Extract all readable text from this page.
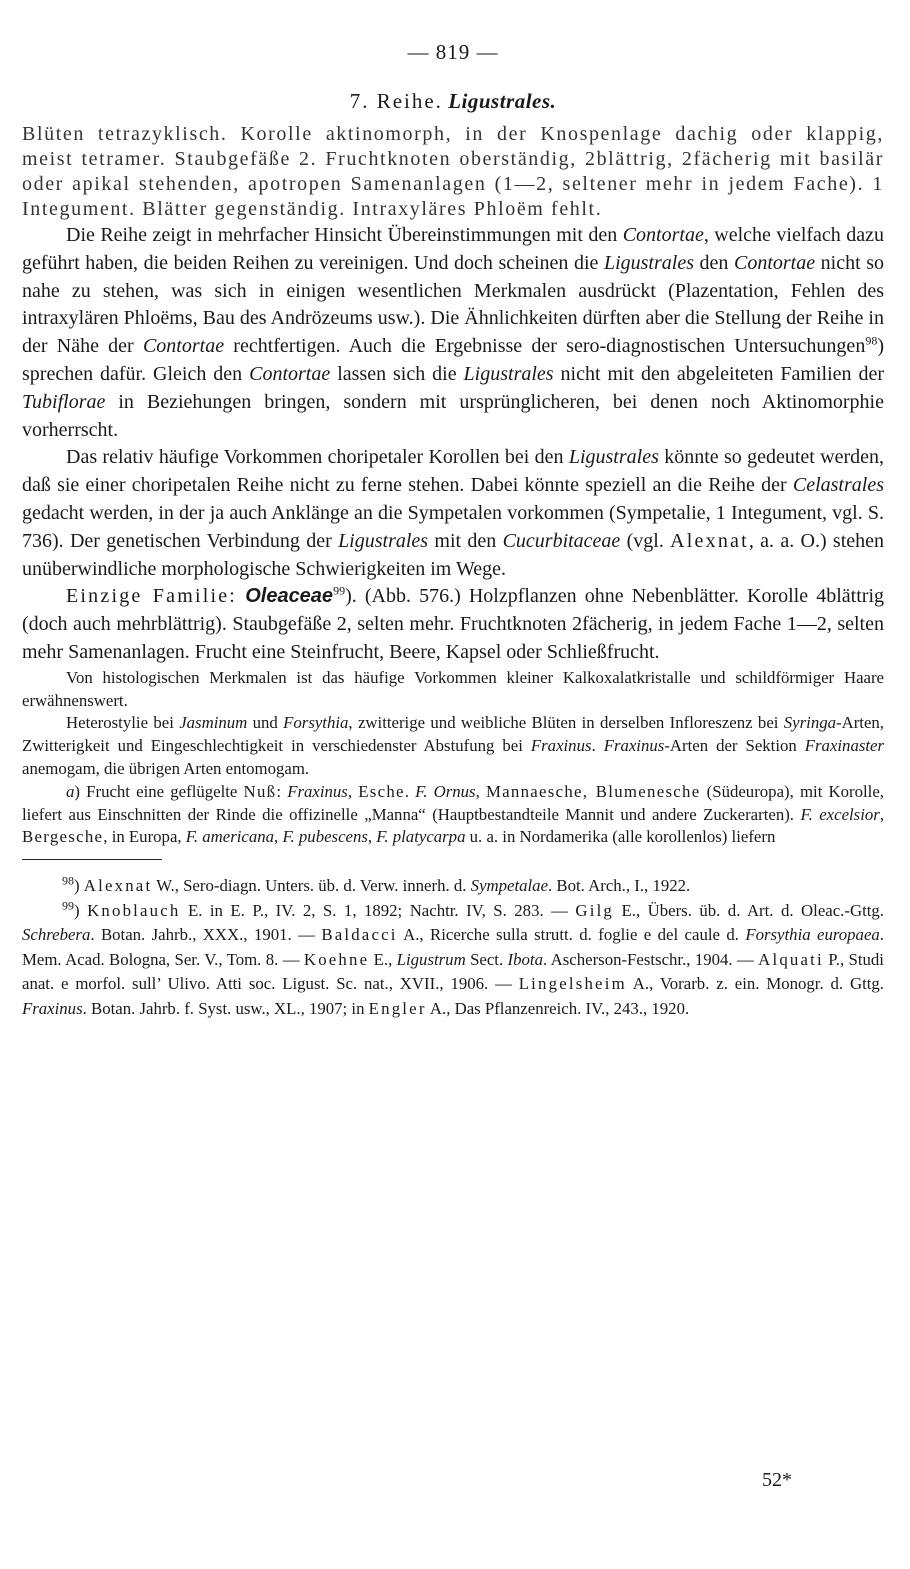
— 819 —
7. Reihe. Ligustrales.

Blüten tetrazyklisch. Korolle aktinomorph, in der Knospenlage dachig oder klappig, meist tetramer. Staubgefäße 2. Fruchtknoten oberständig, 2blättrig, 2fächerig mit basilär oder apikal stehenden, apotropen Samenanlagen (1—2, seltener mehr in jedem Fache). 1 Integument. Blätter gegenständig. Intraxyläres Phloëm fehlt.

Die Reihe zeigt in mehrfacher Hinsicht Übereinstimmungen mit den Contortae, welche vielfach dazu geführt haben, die beiden Reihen zu vereinigen. Und doch scheinen die Ligustrales den Contortae nicht so nahe zu stehen, was sich in einigen wesentlichen Merkmalen ausdrückt (Plazentation, Fehlen des intraxylären Phloëms, Bau des Andrözeums usw.). Die Ähnlichkeiten dürften aber die Stellung der Reihe in der Nähe der Contortae rechtfertigen. Auch die Ergebnisse der sero-diagnostischen Untersuchungen$^{98}$) sprechen dafür. Gleich den Contortae lassen sich die Ligustrales nicht mit den abgeleiteten Familien der Tubiflorae in Beziehungen bringen, sondern mit ursprünglicheren, bei denen noch Aktinomorphie vorherrscht.

Das relativ häufige Vorkommen choripetaler Korollen bei den Ligustrales könnte so gedeutet werden, daß sie einer choripetalen Reihe nicht zu ferne stehen. Dabei könnte speziell an die Reihe der Celastrales gedacht werden, in der ja auch Anklänge an die Sympetalen vorkommen (Sympetalie, 1 Integument, vgl. S. 736). Der genetischen Verbindung der Ligustrales mit den Cucurbitaceae (vgl. Alexnat, a. a. O.) stehen unüberwindliche morphologische Schwierigkeiten im Wege.

Einzige Familie: Oleaceae$^{99}$). (Abb. 576.) Holzpflanzen ohne Nebenblätter. Korolle 4blättrig (doch auch mehrblättrig). Staubgefäße 2, selten mehr. Fruchtknoten 2fächerig, in jedem Fache 1—2, selten mehr Samenanlagen. Frucht eine Steinfrucht, Beere, Kapsel oder Schließfrucht.

Von histologischen Merkmalen ist das häufige Vorkommen kleiner Kalkoxalatkristalle und schildförmiger Haare erwähnenswert.

Heterostylie bei Jasminum und Forsythia, zwitterige und weibliche Blüten in derselben Infloreszenz bei Syringa-Arten, Zwitterigkeit und Eingeschlechtigkeit in verschiedenster Abstufung bei Fraxinus. Fraxinus-Arten der Sektion Fraxinaster anemogam, die übrigen Arten entomogam.

a) Frucht eine geflügelte Nuß: Fraxinus, Esche. F. Ornus, Mannaesche, Blumenesche (Südeuropa), mit Korolle, liefert aus Einschnitten der Rinde die offizinelle „Manna“ (Hauptbestandteile Mannit und andere Zuckerarten). F. excelsior, Bergesche, in Europa, F. americana, F. pubescens, F. platycarpa u. a. in Nordamerika (alle korollenlos) liefern

$^{98}$) Alexnat W., Sero-diagn. Unters. üb. d. Verw. innerh. d. Sympetalae. Bot. Arch., I., 1922.

$^{99}$) Knoblauch E. in E. P., IV. 2, S. 1, 1892; Nachtr. IV, S. 283. — Gilg E., Übers. üb. d. Art. d. Oleac.-Gttg. Schrebera. Botan. Jahrb., XXX., 1901. — Baldacci A., Ricerche sulla strutt. d. foglie e del caule d. Forsythia europaea. Mem. Acad. Bologna, Ser. V., Tom. 8. — Koehne E., Ligustrum Sect. Ibota. Ascherson-Festschr., 1904. — Alquati P., Studi anat. e morfol. sull’ Ulivo. Atti soc. Ligust. Sc. nat., XVII., 1906. — Lingelsheim A., Vorarb. z. ein. Monogr. d. Gttg. Fraxinus. Botan. Jahrb. f. Syst. usw., XL., 1907; in Engler A., Das Pflanzenreich. IV., 243., 1920.

52*
